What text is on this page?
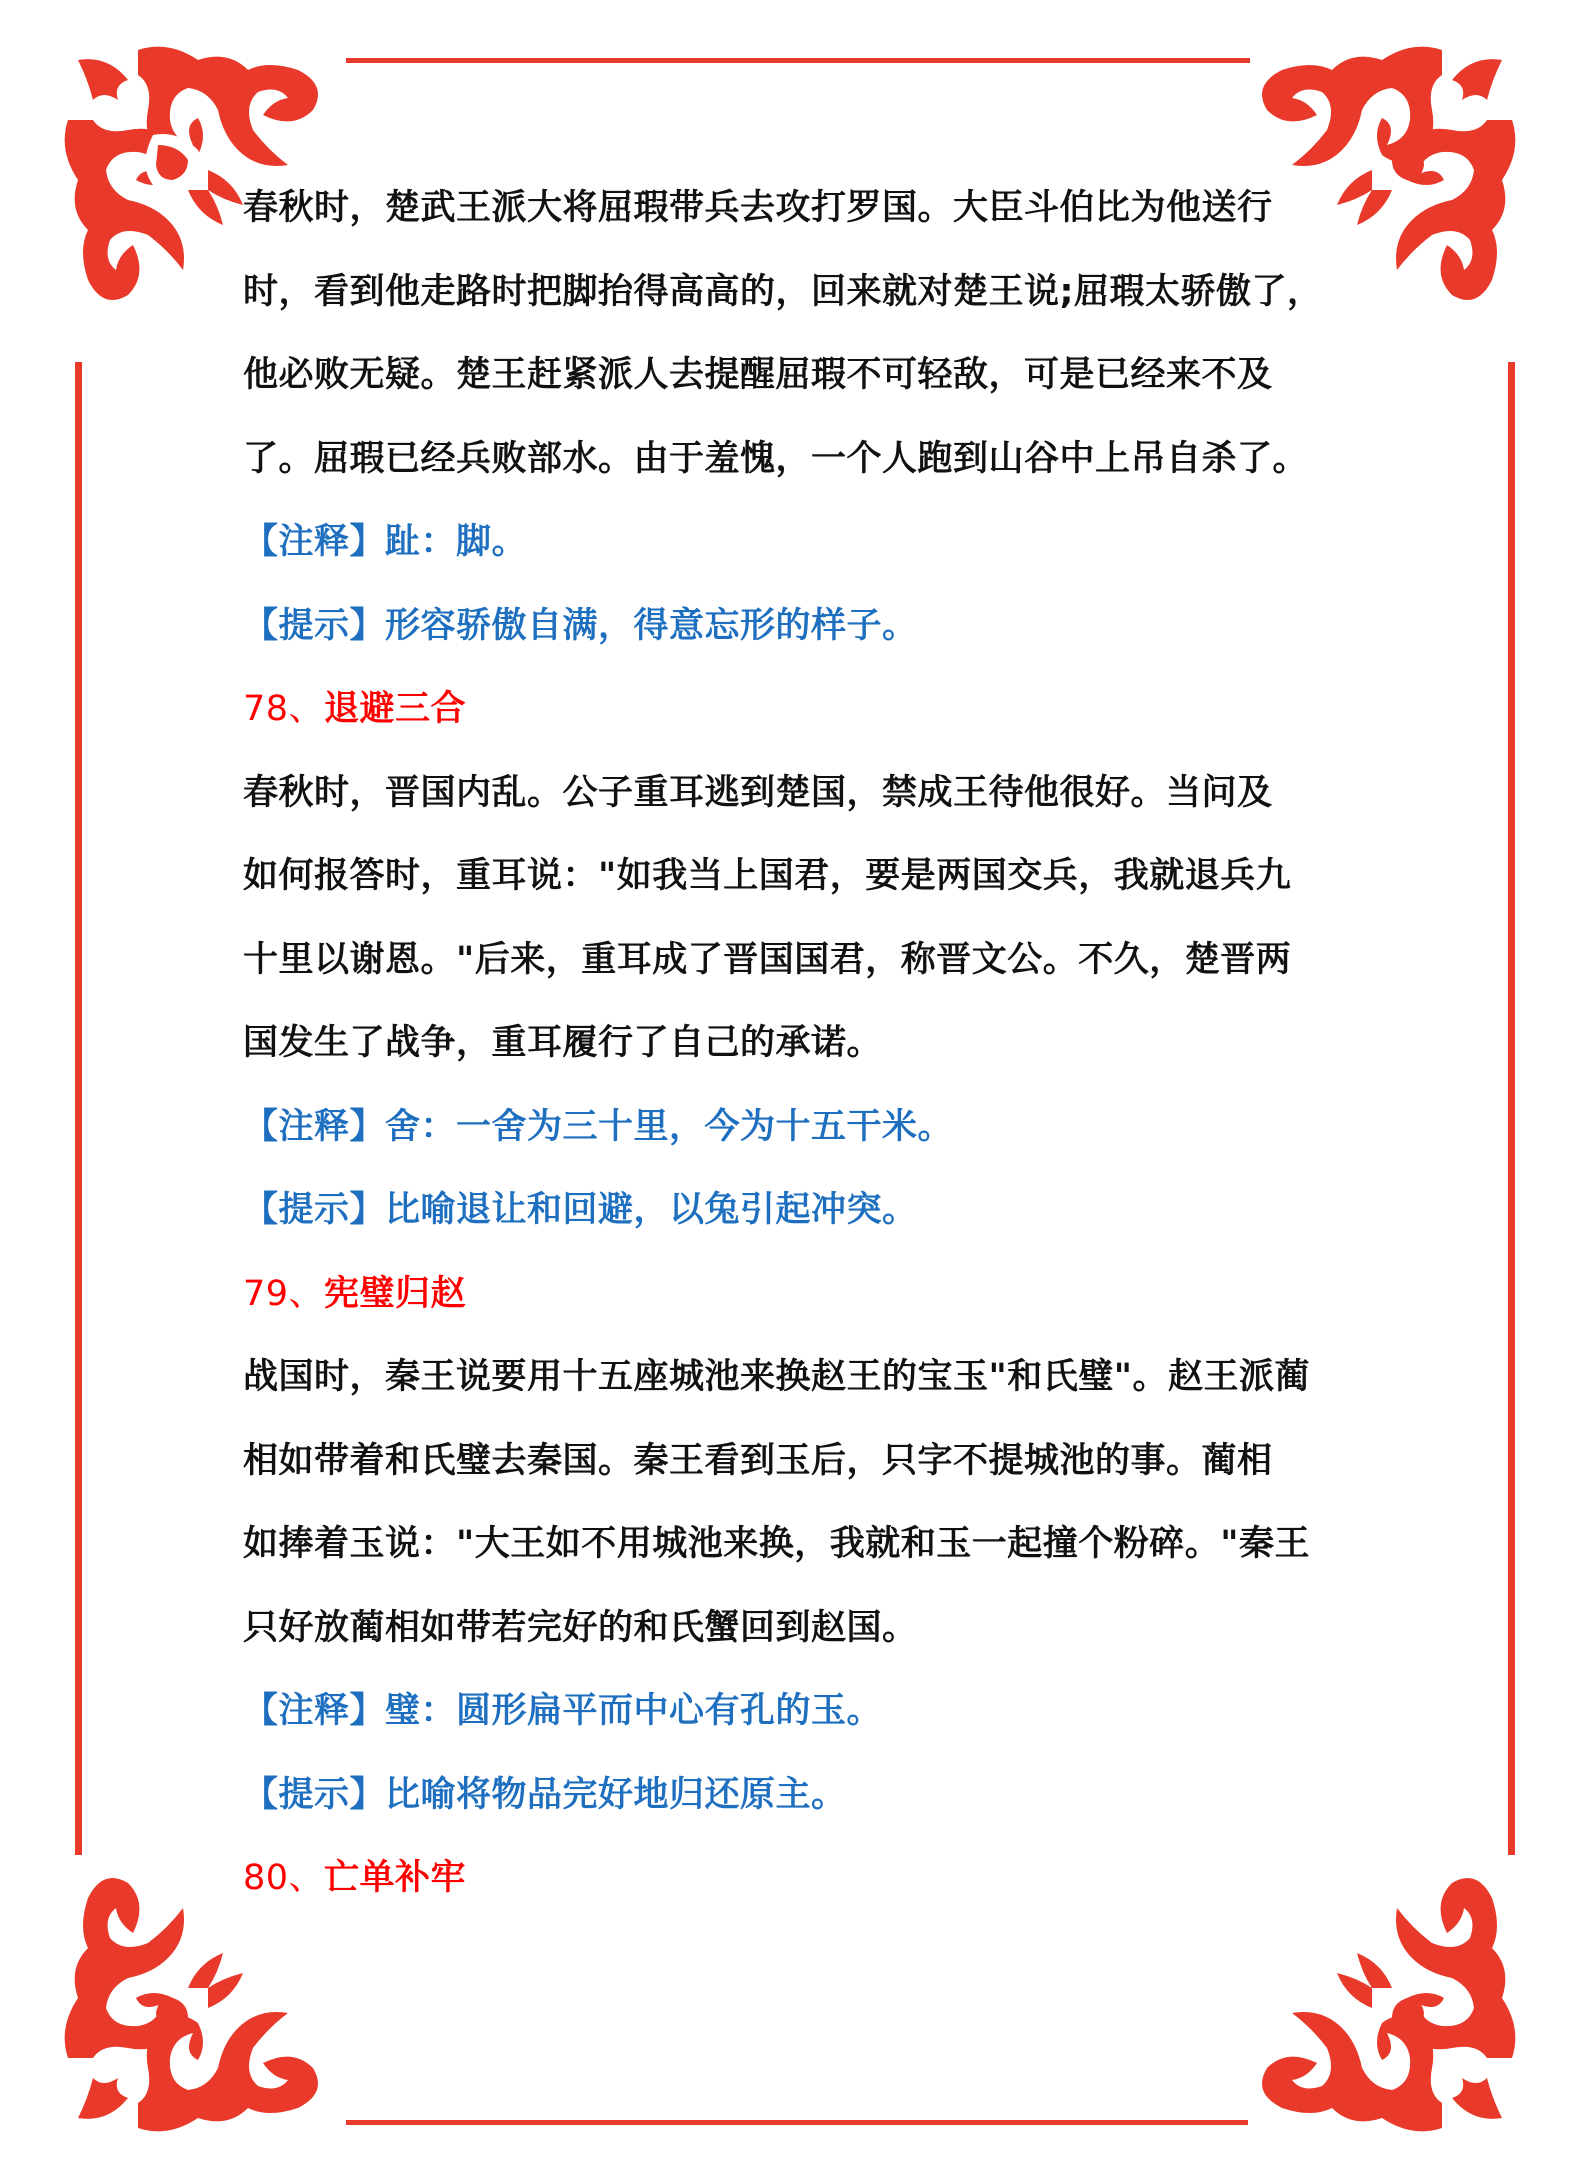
春秋时，楚武王派大将屈瑕带兵去攻打罗国。大臣斗伯比为他送行
时，看到他走路时把脚抬得高高的，回来就对楚王说;屈瑕太骄傲了，
他必败无疑。楚王赶紧派人去提醒屈瑕不可轻敌，可是已经来不及
了。屈瑕已经兵败部水。由于羞愧，一个人跑到山谷中上吊自杀了。
【注释】趾：脚。
【提示】形容骄傲自满，得意忘形的样子。
78、退避三合
春秋时，晋国内乱。公子重耳逃到楚国，禁成王待他很好。当问及
如何报答时，重耳说："如我当上国君，要是两国交兵，我就退兵九
十里以谢恩。"后来，重耳成了晋国国君，称晋文公。不久，楚晋两
国发生了战争，重耳履行了自己的承诺。
【注释】舍：一舍为三十里，今为十五干米。
【提示】比喻退让和回避，以兔引起冲突。
79、宪璧归赵
战国时，秦王说要用十五座城池来换赵王的宝玉"和氏璧"。赵王派蔺
相如带着和氏璧去秦国。秦王看到玉后，只字不提城池的事。蔺相
如捧着玉说："大王如不用城池来换，我就和玉一起撞个粉碎。"秦王
只好放蔺相如带若完好的和氏蟹回到赵国。
【注释】璧：圆形扁平而中心有孔的玉。
【提示】比喻将物品完好地归还原主。
80、亡单补牢
